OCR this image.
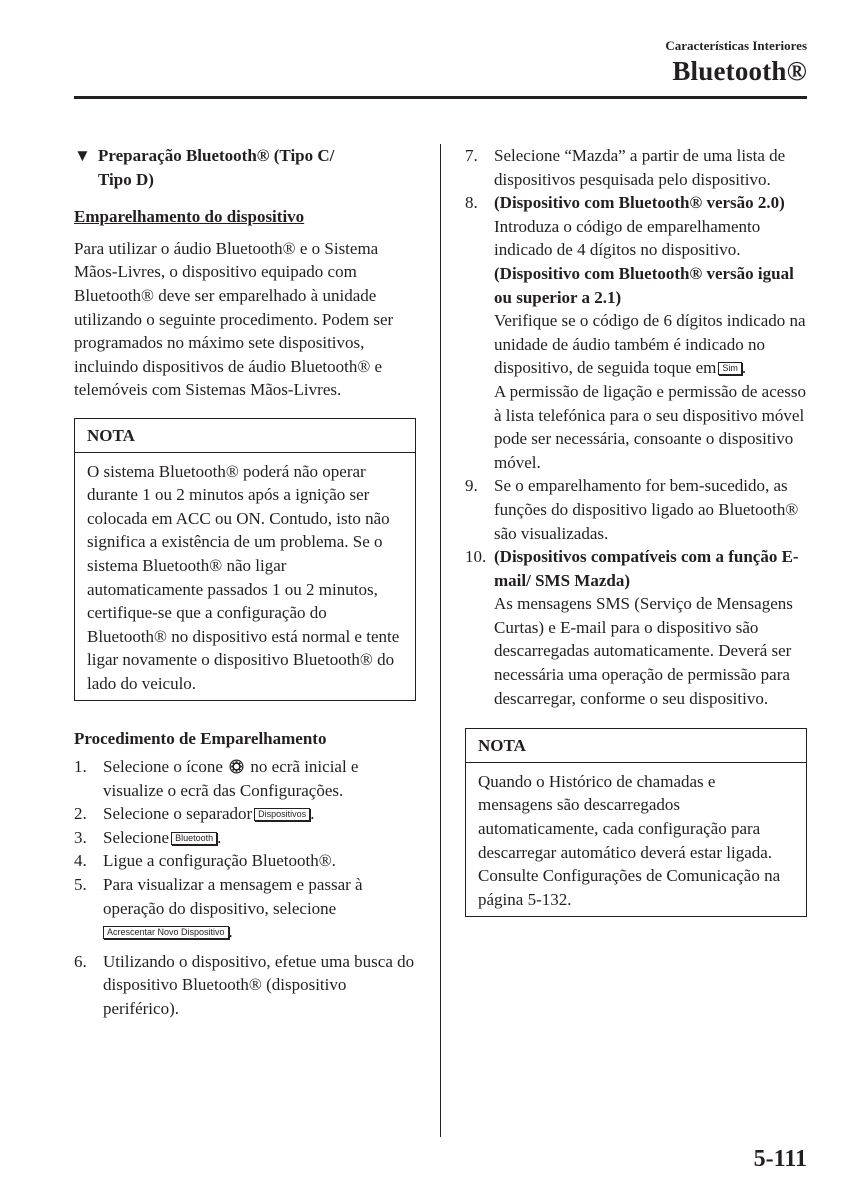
Características Interiores
Bluetooth®
▼ Preparação Bluetooth® (Tipo C/
Tipo D)

Emparelhamento do dispositivo

Para utilizar o áudio Bluetooth® e o Sistema Mãos-Livres, o dispositivo equipado com Bluetooth® deve ser emparelhado à unidade utilizando o seguinte procedimento. Podem ser programados no máximo sete dispositivos, incluindo dispositivos de áudio Bluetooth® e telemóveis com Sistemas Mãos-Livres.

NOTA
O sistema Bluetooth® poderá não operar durante 1 ou 2 minutos após a ignição ser colocada em ACC ou ON. Contudo, isto não significa a existência de um problema. Se o sistema Bluetooth® não ligar automaticamente passados 1 ou 2 minutos, certifique-se que a configuração do Bluetooth® no dispositivo está normal e tente ligar novamente o dispositivo Bluetooth® do lado do veiculo.

Procedimento de Emparelhamento

1. Selecione o ícone no ecrã inicial e visualize o ecrã das Configurações.
2. Selecione o separador Dispositivos .
3. Selecione Bluetooth .
4. Ligue a configuração Bluetooth®.
5. Para visualizar a mensagem e passar à operação do dispositivo, selecione
Acrescentar Novo Dispositivo .
6. Utilizando o dispositivo, efetue uma busca do dispositivo Bluetooth® (dispositivo periférico).
7. Selecione “Mazda” a partir de uma lista de dispositivos pesquisada pelo dispositivo.
8. (Dispositivo com Bluetooth® versão 2.0)
Introduza o código de emparelhamento indicado de 4 dígitos no dispositivo.
(Dispositivo com Bluetooth® versão igual ou superior a 2.1)
Verifique se o código de 6 dígitos indicado na unidade de áudio também é indicado no dispositivo, de seguida toque em Sim .
A permissão de ligação e permissão de acesso à lista telefónica para o seu dispositivo móvel pode ser necessária, consoante o dispositivo móvel.
9. Se o emparelhamento for bem-sucedido, as funções do dispositivo ligado ao Bluetooth® são visualizadas.
10. (Dispositivos compatíveis com a função E-mail/ SMS Mazda)
As mensagens SMS (Serviço de Mensagens Curtas) e E-mail para o dispositivo são descarregadas automaticamente. Deverá ser necessária uma operação de permissão para descarregar, conforme o seu dispositivo.
NOTA
Quando o Histórico de chamadas e mensagens são descarregados automaticamente, cada configuração para descarregar automático deverá estar ligada.
Consulte Configurações de Comunicação na página 5-132.
5-111
